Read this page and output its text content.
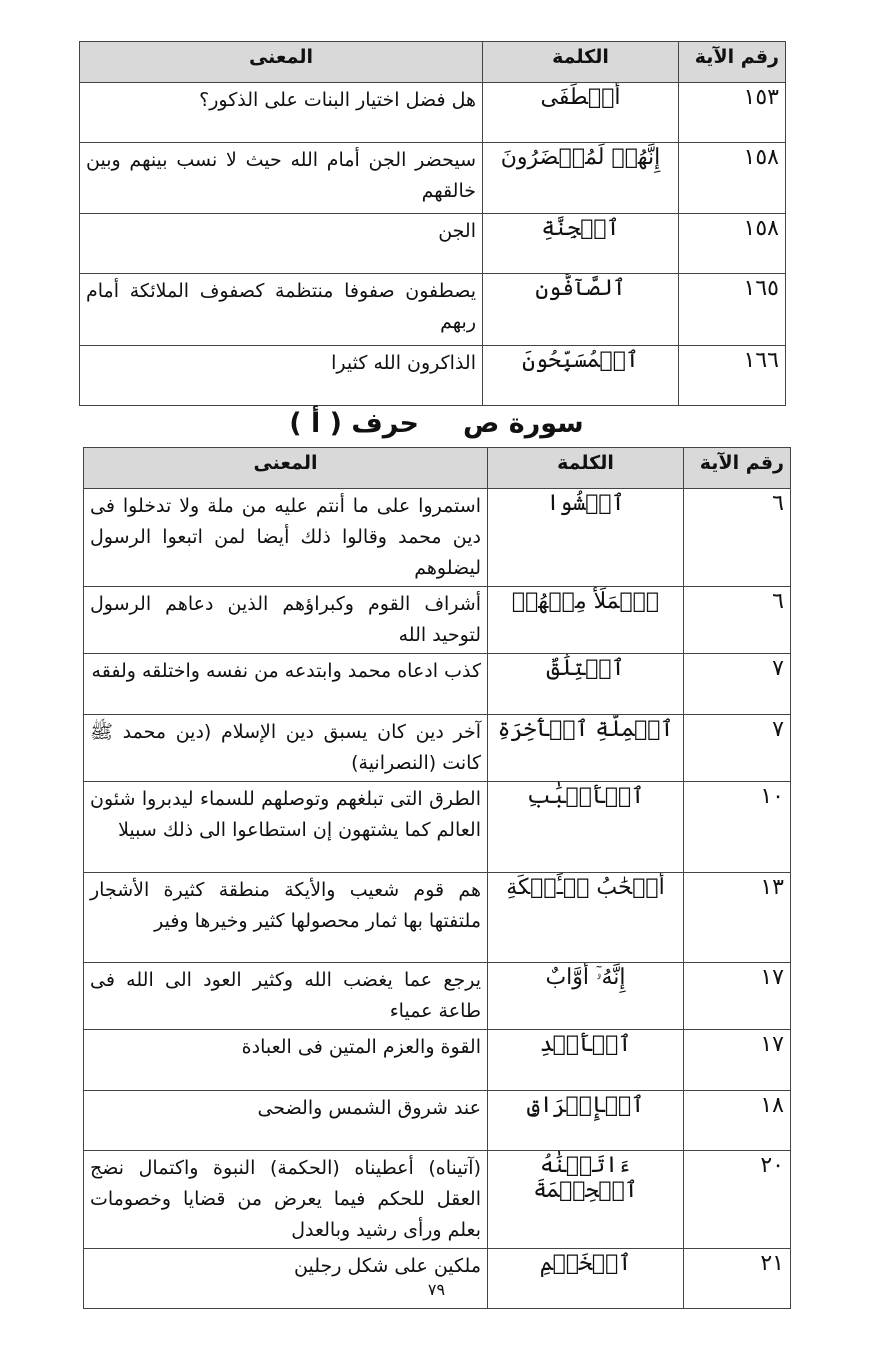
رقم الآية	الكلمة	المعنى
١٥٣	أَصۡطَفَى	هل فضل اختيار البنات على الذكور؟
١٥٨	إِنَّهُمۡ لَمُحۡضَرُونَ	سيحضر الجن أمام الله حيث لا نسب بينهم وبين خالقهم
١٥٨	ٱلۡجِنَّةِ	الجن
١٦٥	ٱلصَّآفُّون	يصطفون صفوفا منتظمة كصفوف الملائكة أمام ربهم
١٦٦	ٱلۡمُسَبِّحُونَ	الذاكرون الله كثيرا
سورة صحرف ( أ )
رقم الآية	الكلمة	المعنى
٦	ٱمۡشُوا	استمروا على ما أنتم عليه من ملة ولا تدخلوا فى دين محمد وقالوا ذلك أيضا لمن اتبعوا الرسول ليضلوهم
٦	ٱلۡمَلَأُ مِنۡهُمۡ	أشراف القوم وكبراؤهم الذين دعاهم الرسول لتوحيد الله
٧	ٱخۡتِلَٰقٌ	كذب ادعاه محمد وابتدعه من نفسه واختلقه ولفقه
٧	ٱلۡمِلَّةِ ٱلۡأٓخِرَةِ	آخر دين كان يسبق دين الإسلام (دين محمد ﷺ كانت (النصرانية)
١٠	ٱلۡأَسۡبَٰبِ	الطرق التى تبلغهم وتوصلهم للسماء ليدبروا شئون العالم كما يشتهون إن استطاعوا الى ذلك سبيلا
١٣	أَصۡحَٰبُ لۡـَٔيۡكَةِ	هم قوم شعيب والأيكة منطقة كثيرة الأشجار ملتفتها بها ثمار محصولها كثير وخيرها وفير
١٧	إِنَّهُۥٓ أَوَّابٌ	يرجع عما يغضب الله وكثير العود الى الله فى طاعة عمياء
١٧	ٱلۡأَيۡدِ	القوة والعزم المتين فى العبادة
١٨	ٱلۡإِشۡرَاقِ	عند شروق الشمس والضحى
٢٠	ءَاتَيۡنَٰهُ ٱلۡحِكۡمَةَ	(آتيناه) أعطيناه (الحكمة) النبوة واكتمال نضج العقل للحكم فيما يعرض من قضايا وخصومات بعلم ورأى رشيد وبالعدل
٢١	ٱلۡخَصۡمِ	ملكين على شكل رجلين
٧٩
